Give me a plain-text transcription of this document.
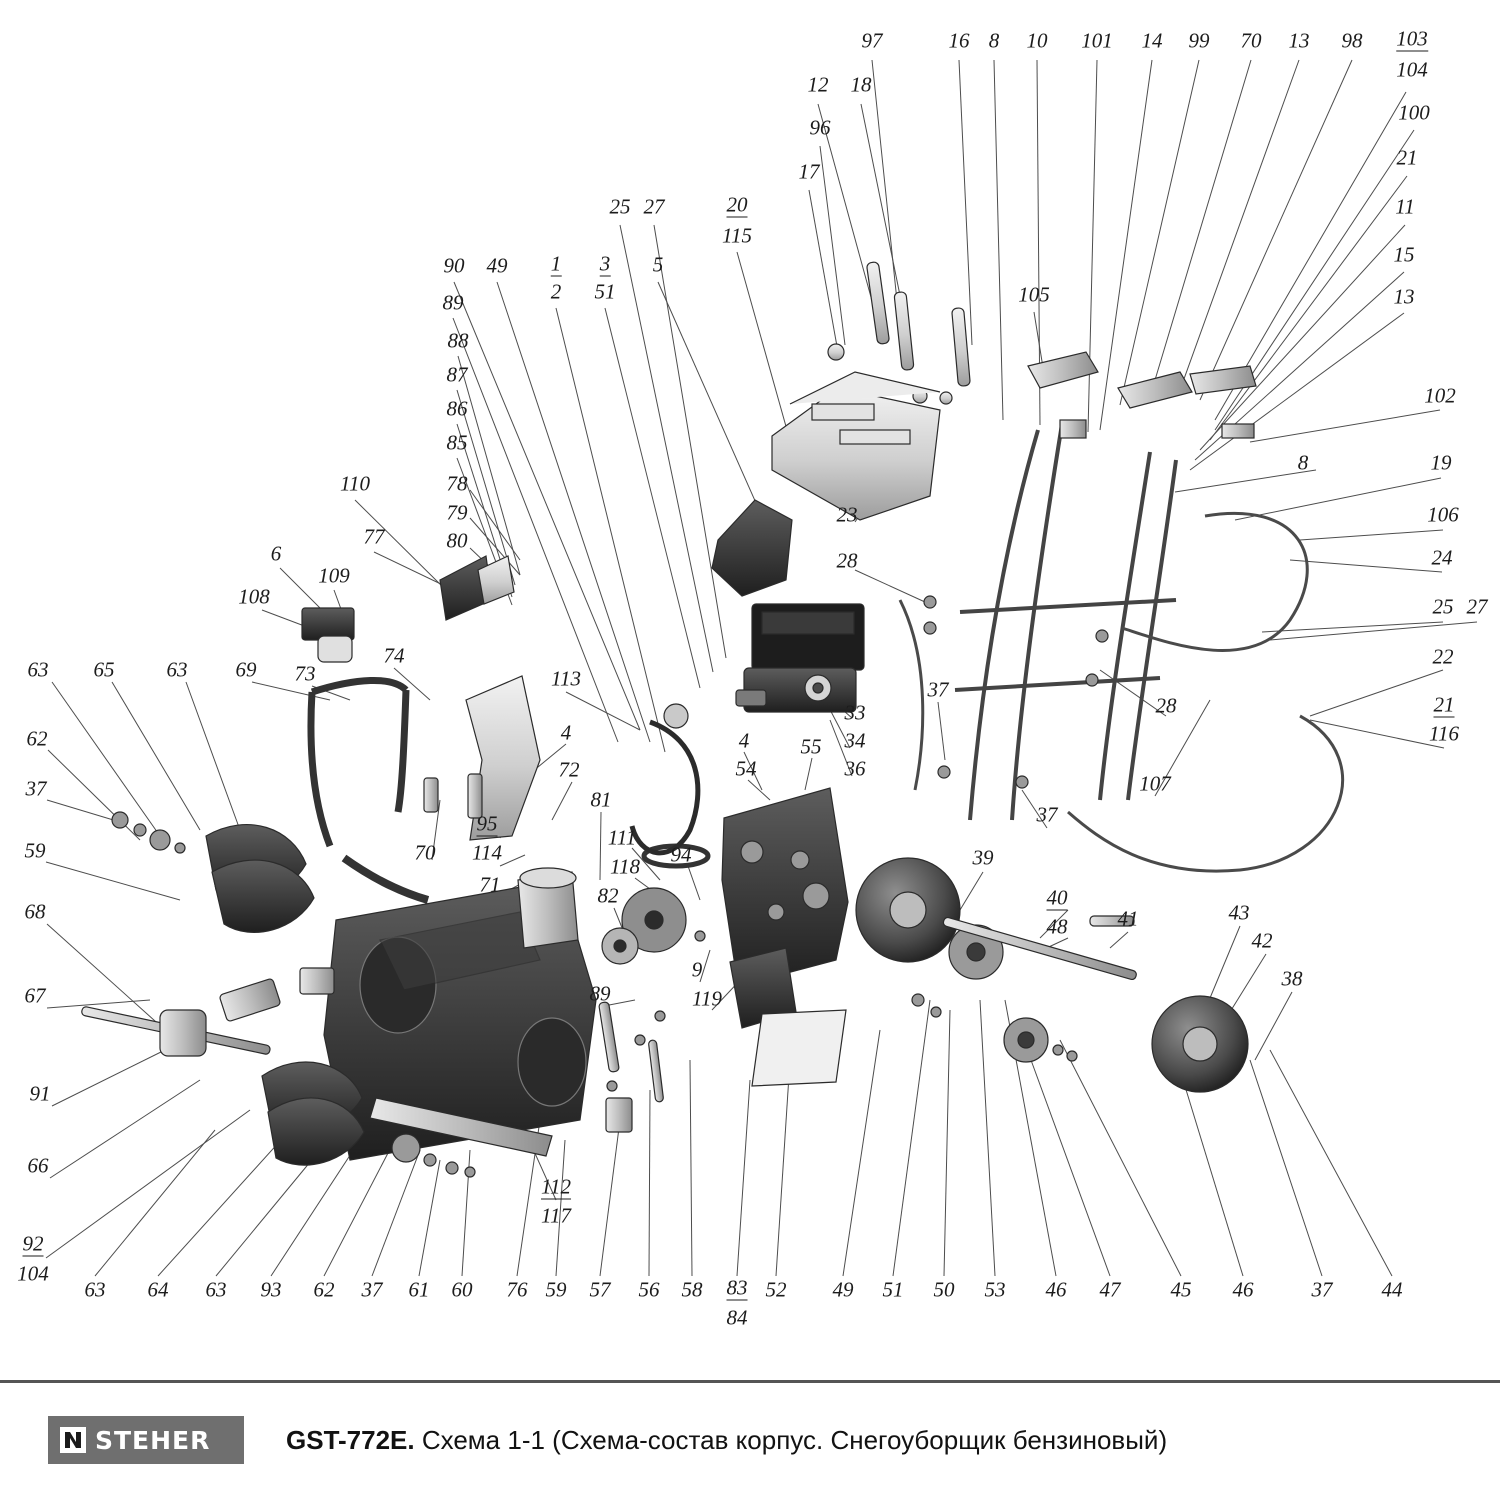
97	16 8 10 101 14 99 70 13 98 103
104
12 18
100
96
21
17
11
25 27	20
115
15
90 49 1
2
3
51
5
13
105
89
88
87
86
102
85
8	19
110	78
79
80
106
23
77
6	24
28
109
108	25 27
74	22
63 65 63 69 73	113	37
21
116
33	28
62	4	4 55 34
54	36
37
72
107
37
81
59	70
95
114
111
118 94	39
71	82
68
40
48 41	43
42
38
9
67	119
89
91
66
112
117
92
104
63 64 63 93 62 37 61 60 76 59 57 56 58 83
84
52 49 51 50 53 46 47 45 46	37 44
STEHER	GST-772E. Схема 1-1 (Схема-состав корпус. Снегоуборщик бензиновый)
